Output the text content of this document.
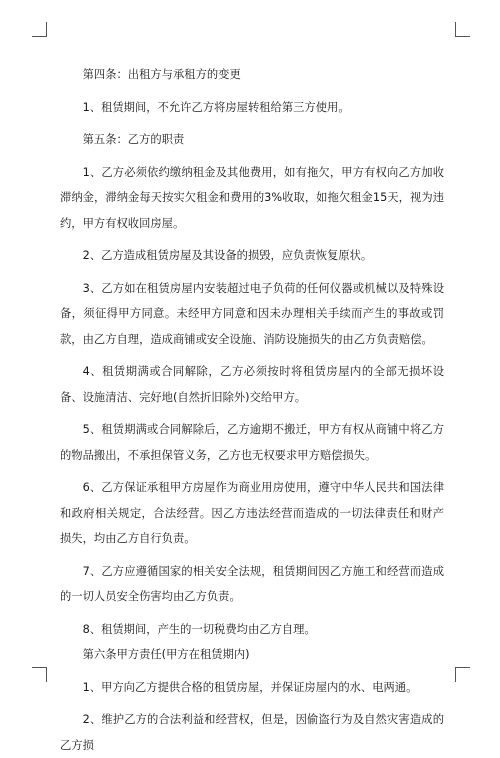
第四条：出租方与承租方的变更

1、租赁期间，不允许乙方将房屋转租给第三方使用。

第五条：乙方的职责

1、乙方必须依约缴纳租金及其他费用，如有拖欠，甲方有权向乙方加收滞纳金，滞纳金每天按实欠租金和费用的3%收取，如拖欠租金15天，视为违约，甲方有权收回房屋。

2、乙方造成租赁房屋及其设备的损毁，应负责恢复原状。

3、乙方如在租赁房屋内安装超过电子负荷的任何仪器或机械以及特殊设备，须征得甲方同意。未经甲方同意和因未办理相关手续而产生的事故或罚款，由乙方自理，造成商铺或安全设施、消防设施损失的由乙方负责赔偿。

4、租赁期满或合同解除，乙方必须按时将租赁房屋内的全部无损坏设备、设施清洁、完好地(自然折旧除外)交给甲方。

5、租赁期满或合同解除后，乙方逾期不搬迁，甲方有权从商铺中将乙方的物品搬出，不承担保管义务，乙方也无权要求甲方赔偿损失。

6、乙方保证承租甲方房屋作为商业用房使用，遵守中华人民共和国法律和政府相关规定，合法经营。因乙方违法经营而造成的一切法律责任和财产损失，均由乙方自行负责。

7、乙方应遵循国家的相关安全法规，租赁期间因乙方施工和经营而造成的一切人员安全伤害均由乙方负责。

8、租赁期间，产生的一切税费均由乙方自理。

第六条甲方责任(甲方在租赁期内)

1、甲方向乙方提供合格的租赁房屋，并保证房屋内的水、电两通。

2、维护乙方的合法利益和经营权，但是，因偷盗行为及自然灾害造成的乙方损
